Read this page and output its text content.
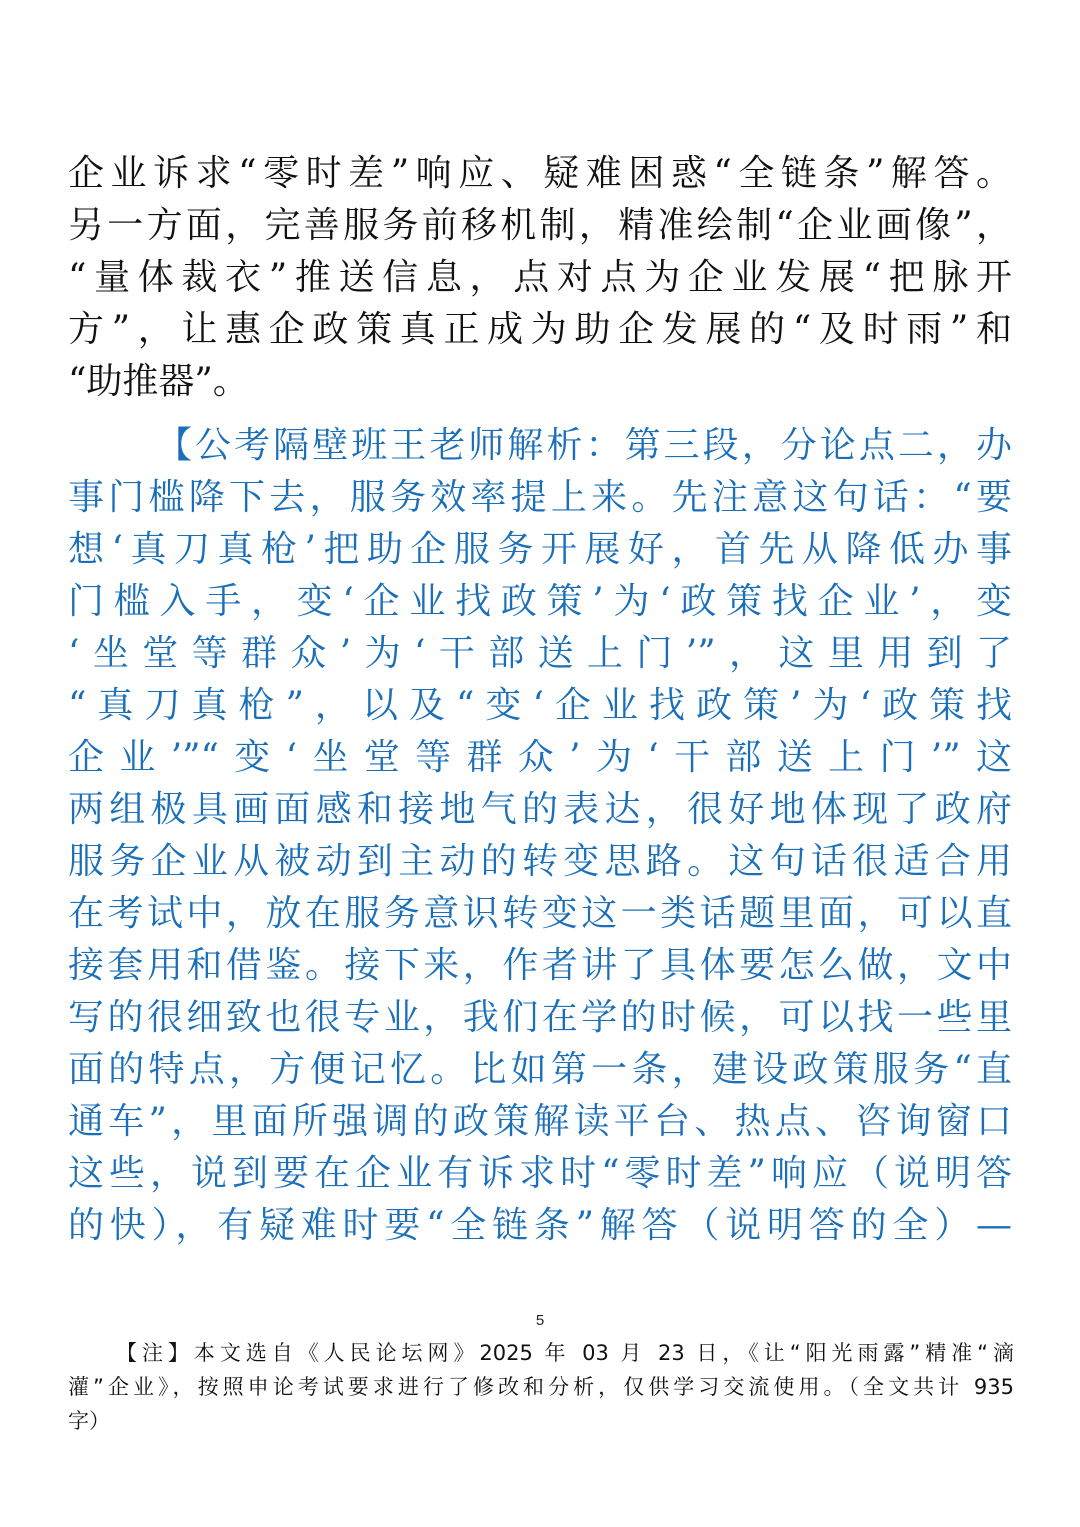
企业诉求“零时差”响应、疑难困惑“全链条”解答。
另一方面，完善服务前移机制，精准绘制“企业画像”，
“量体裁衣”推送信息，点对点为企业发展“把脉开
方”，让惠企政策真正成为助企发展的“及时雨”和
“助推器”。
【公考隔壁班王老师解析：第三段，分论点二，办
事门槛降下去，服务效率提上来。先注意这句话：“要
想‘真刀真枪’把助企服务开展好，首先从降低办事
门槛入手，变‘企业找政策’为‘政策找企业’，变
‘坐堂等群众’为‘干部送上门’”，这里用到了
“真刀真枪”，以及“变‘企业找政策’为‘政策找
企业’”“变‘坐堂等群众’为‘干部送上门’”这
两组极具画面感和接地气的表达，很好地体现了政府
服务企业从被动到主动的转变思路。这句话很适合用
在考试中，放在服务意识转变这一类话题里面，可以直
接套用和借鉴。接下来，作者讲了具体要怎么做，文中
写的很细致也很专业，我们在学的时候，可以找一些里
面的特点，方便记忆。比如第一条，建设政策服务“直
通车”，里面所强调的政策解读平台、热点、咨询窗口
这些，说到要在企业有诉求时“零时差”响应（说明答
的快），有疑难时要“全链条”解答（说明答的全）—
5
【注】本文选自《人民论坛网》2025 年 03 月 23 日，《让“阳光雨露”精准“滴
灌”企业》，按照申论考试要求进行了修改和分析，仅供学习交流使用。（全文共计 935
字）
